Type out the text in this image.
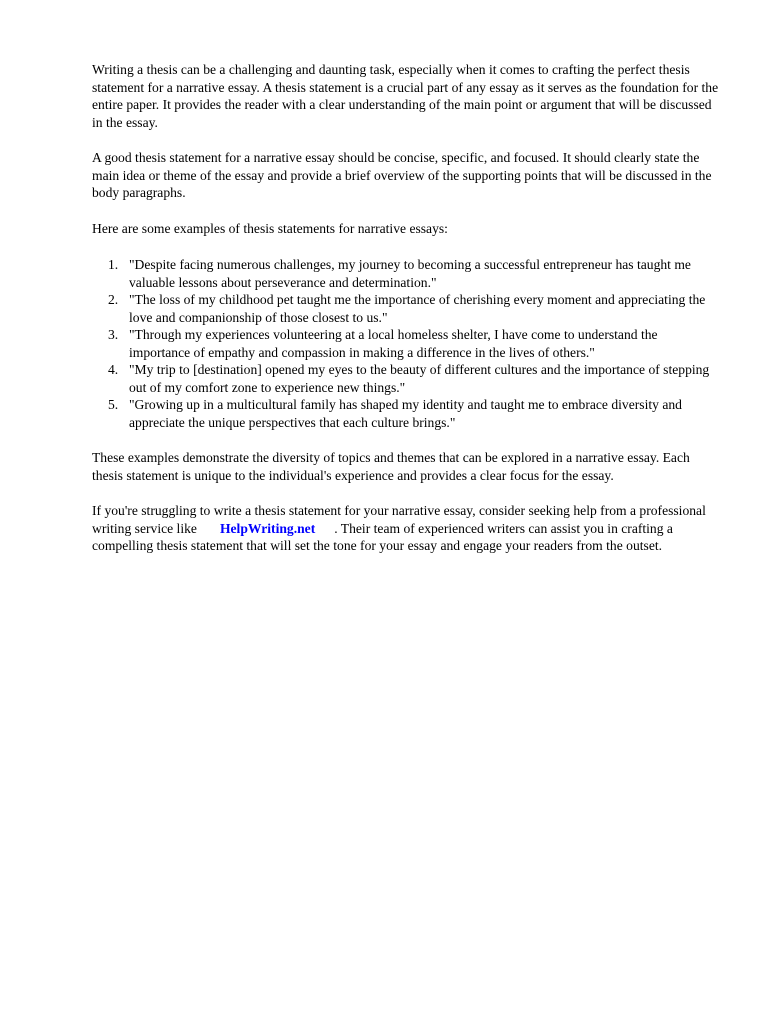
Writing a thesis can be a challenging and daunting task, especially when it comes to crafting the perfect thesis statement for a narrative essay. A thesis statement is a crucial part of any essay as it serves as the foundation for the entire paper. It provides the reader with a clear understanding of the main point or argument that will be discussed in the essay.

A good thesis statement for a narrative essay should be concise, specific, and focused. It should clearly state the main idea or theme of the essay and provide a brief overview of the supporting points that will be discussed in the body paragraphs.

Here are some examples of thesis statements for narrative essays:

1. "Despite facing numerous challenges, my journey to becoming a successful entrepreneur has taught me valuable lessons about perseverance and determination."
2. "The loss of my childhood pet taught me the importance of cherishing every moment and appreciating the love and companionship of those closest to us."
3. "Through my experiences volunteering at a local homeless shelter, I have come to understand the importance of empathy and compassion in making a difference in the lives of others."
4. "My trip to [destination] opened my eyes to the beauty of different cultures and the importance of stepping out of my comfort zone to experience new things."
5. "Growing up in a multicultural family has shaped my identity and taught me to embrace diversity and appreciate the unique perspectives that each culture brings."

These examples demonstrate the diversity of topics and themes that can be explored in a narrative essay. Each thesis statement is unique to the individual's experience and provides a clear focus for the essay.

If you're struggling to write a thesis statement for your narrative essay, consider seeking help from a professional writing service like HelpWriting.net . Their team of experienced writers can assist you in crafting a compelling thesis statement that will set the tone for your essay and engage your readers from the outset.
